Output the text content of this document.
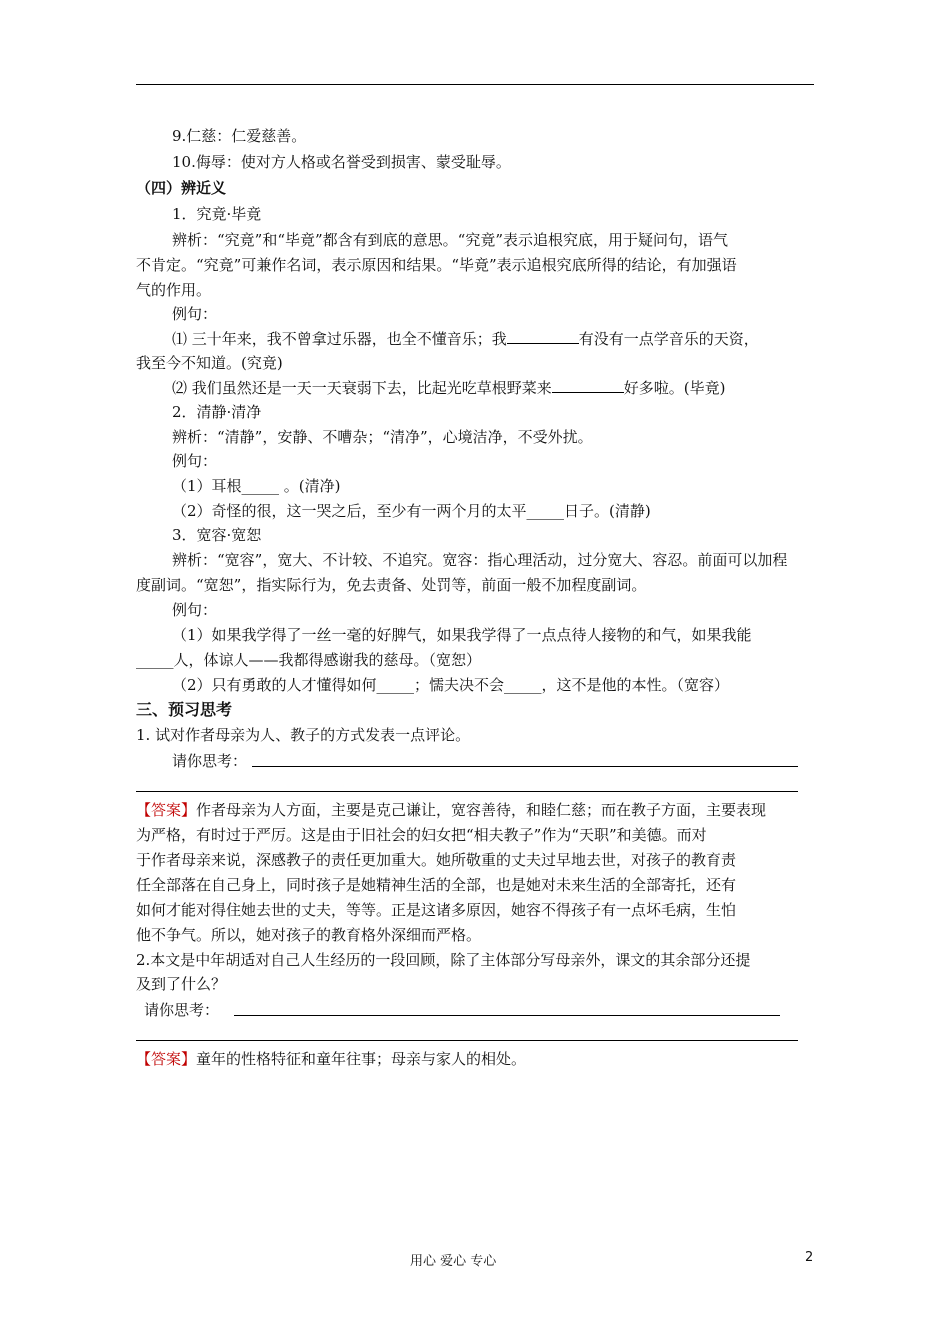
9.仁慈：仁爱慈善。
10.侮辱：使对方人格或名誉受到损害、蒙受耻辱。
（四）辨近义
1．究竟·毕竟
辨析：“究竟”和“毕竟”都含有到底的意思。“究竟”表示追根究底，用于疑问句，语气
不肯定。“究竟”可兼作名词，表示原因和结果。“毕竟”表示追根究底所得的结论，有加强语
气的作用。
例句：
⑴ 三十年来，我不曾拿过乐器，也全不懂音乐；我	有没有一点学音乐的天资，
我至今不知道。(究竟)
⑵ 我们虽然还是一天一天衰弱下去，比起光吃草根野菜来	好多啦。(毕竟)
2．清静·清净
辨析：“清静”，安静、不嘈杂；“清净”，心境洁净，不受外扰。
例句：
（1）耳根_____ 。(清净)
（2）奇怪的很，这一哭之后，至少有一两个月的太平_____日子。(清静)
3．宽容·宽恕
辨析：“宽容”，宽大、不计较、不追究。宽容：指心理活动，过分宽大、容忍。前面可以加程
度副词。“宽恕”，指实际行为，免去责备、处罚等，前面一般不加程度副词。
例句：
（1）如果我学得了一丝一毫的好脾气，如果我学得了一点点待人接物的和气，如果我能
_____人，体谅人——我都得感谢我的慈母。（宽恕）
（2）只有勇敢的人才懂得如何_____；懦夫决不会_____，这不是他的本性。（宽容）
三、预习思考
1. 试对作者母亲为人、教子的方式发表一点评论。
请你思考：
【答案】作者母亲为人方面，主要是克己谦让，宽容善待，和睦仁慈；而在教子方面，主要表现
为严格，有时过于严厉。这是由于旧社会的妇女把“相夫教子”作为“天职”和美德。而对
于作者母亲来说，深感教子的责任更加重大。她所敬重的丈夫过早地去世，对孩子的教育责
任全部落在自己身上，同时孩子是她精神生活的全部，也是她对未来生活的全部寄托，还有
如何才能对得住她去世的丈夫，等等。正是这诸多原因，她容不得孩子有一点坏毛病，生怕
他不争气。所以，她对孩子的教育格外深细而严格。
2.本文是中年胡适对自己人生经历的一段回顾，除了主体部分写母亲外，课文的其余部分还提
及到了什么？
请你思考：
【答案】童年的性格特征和童年往事；母亲与家人的相处。
用心 爱心 专心	2
